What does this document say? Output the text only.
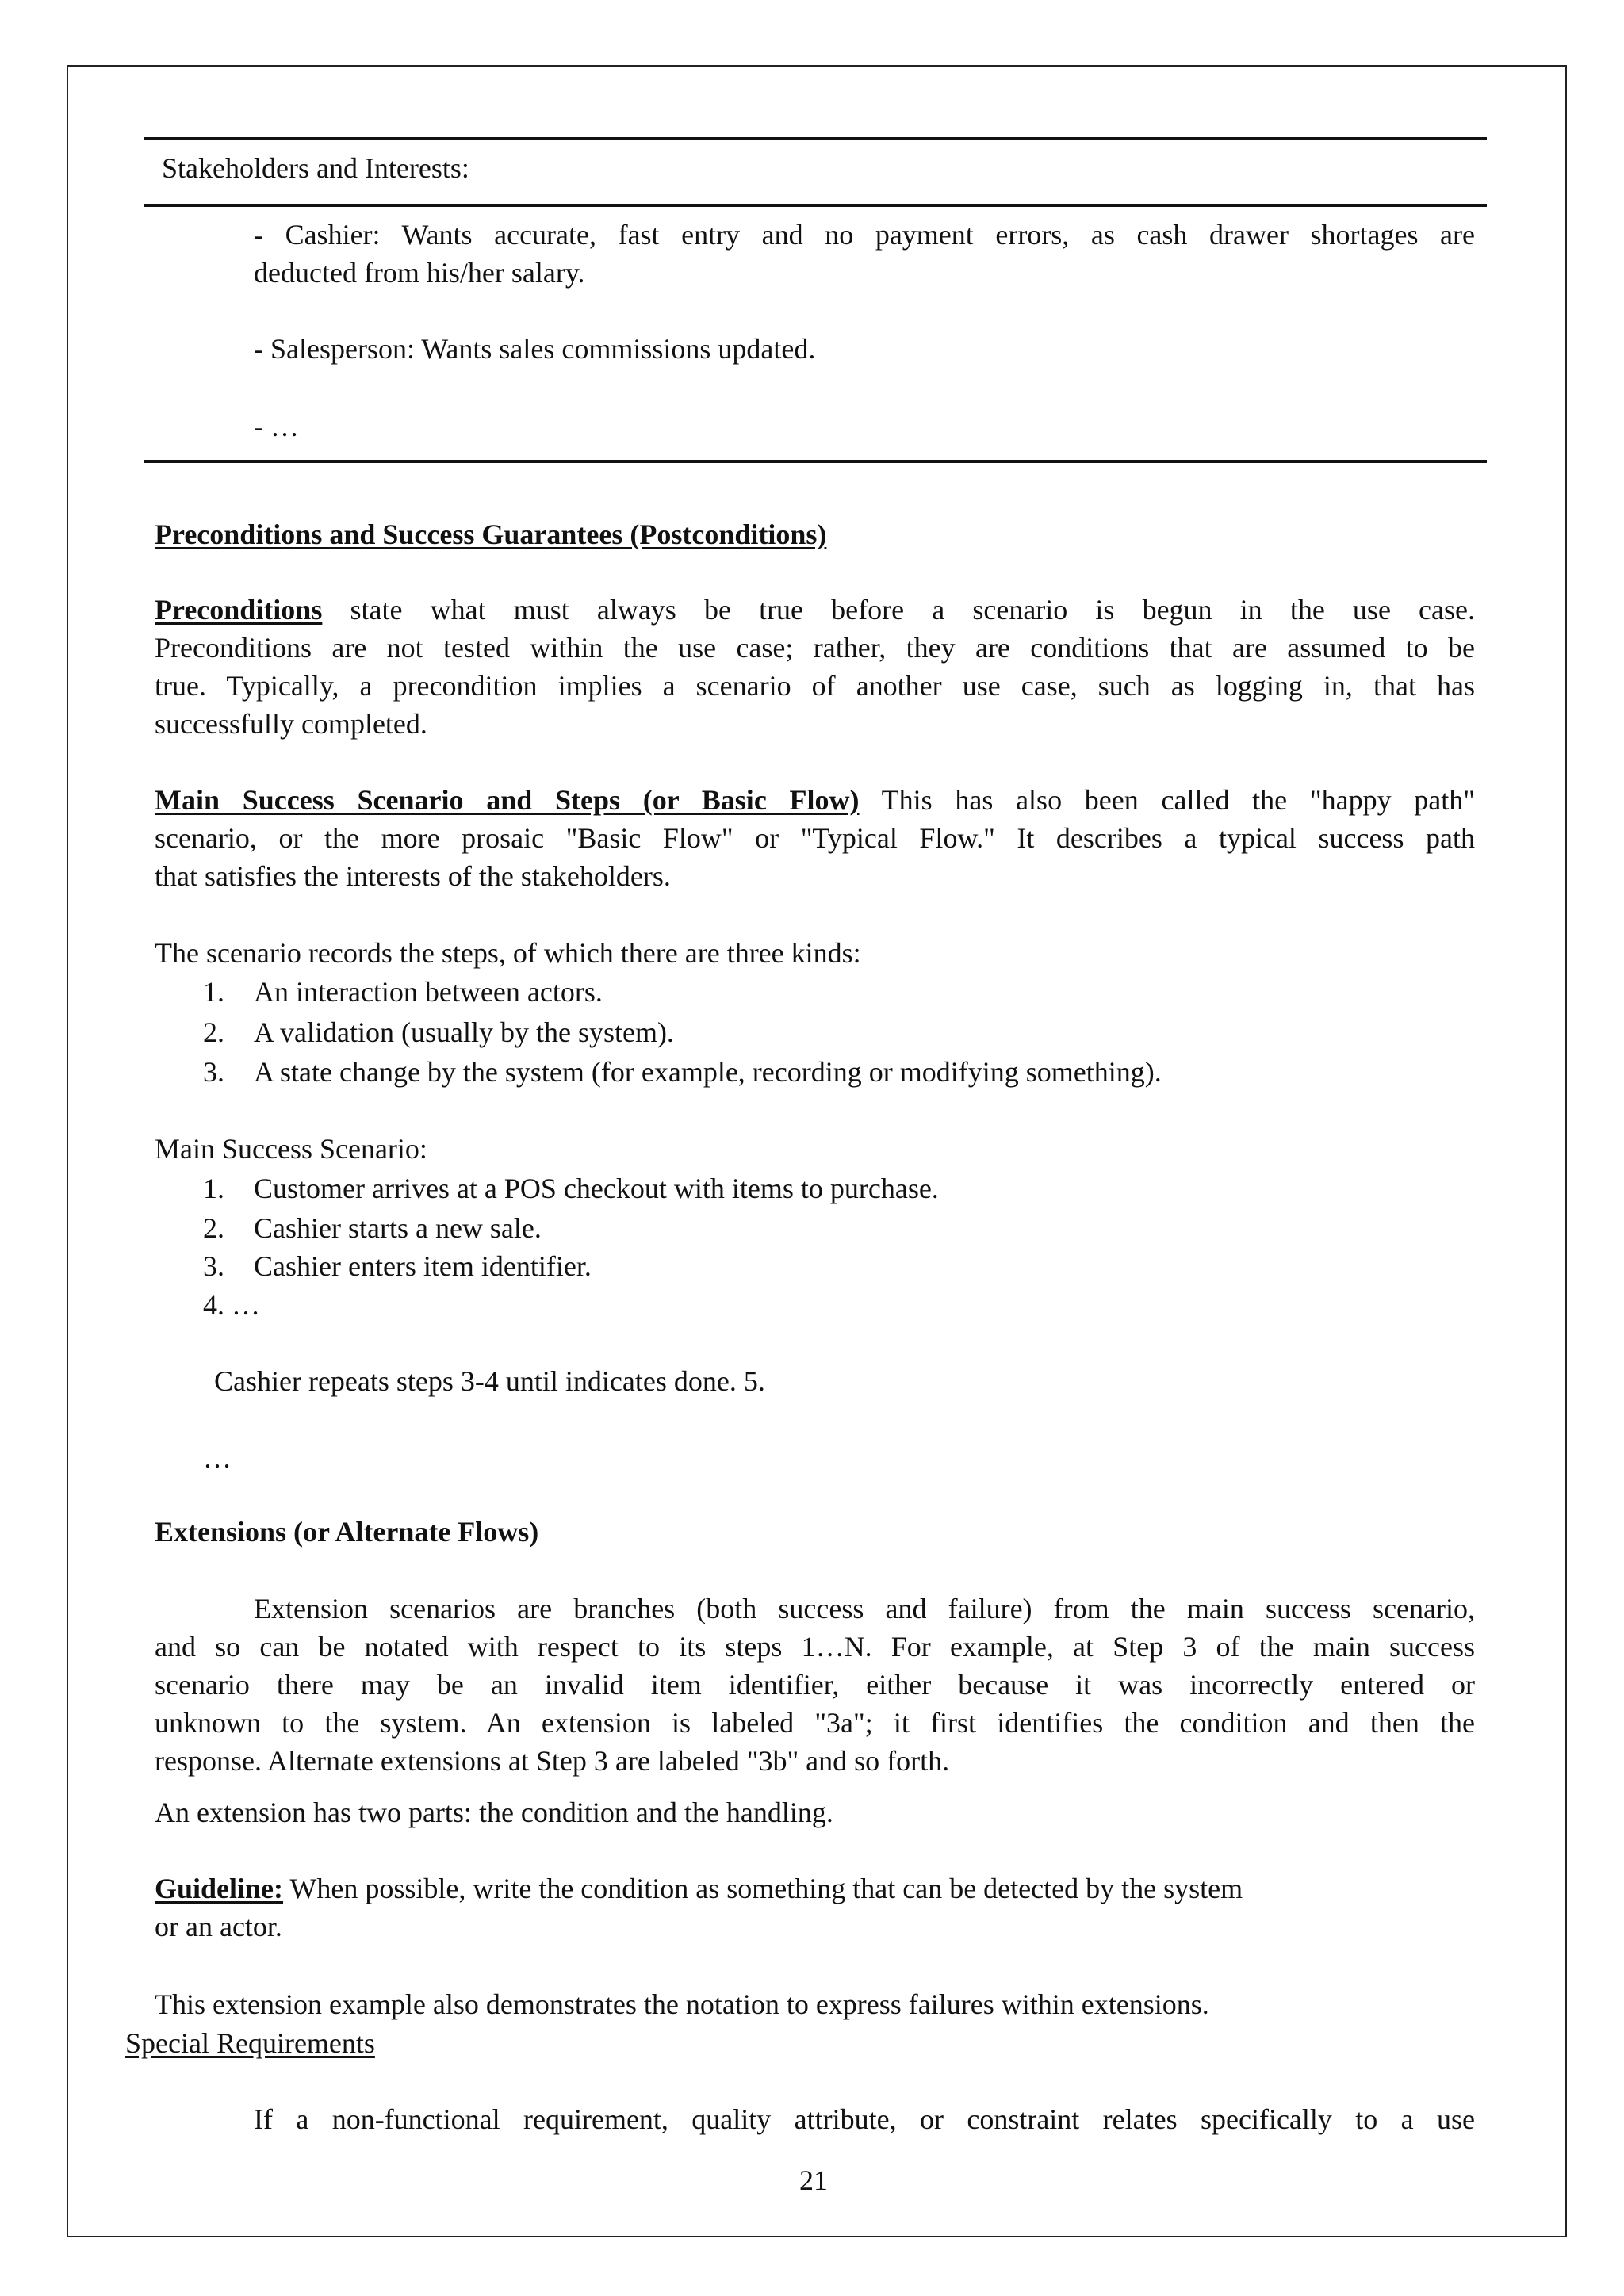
Stakeholders and Interests:
- Cashier: Wants accurate, fast entry and no payment errors, as cash drawer shortages are
deducted from his/her salary.
- Salesperson: Wants sales commissions updated.
- …
Preconditions and Success Guarantees (Postconditions)
Preconditions state what must always be true before a scenario is begun in the use case.
Preconditions are not tested within the use case; rather, they are conditions that are assumed to be
true. Typically, a precondition implies a scenario of another use case, such as logging in, that has
successfully completed.
Main Success Scenario and Steps (or Basic Flow) This has also been called the "happy path"
scenario, or the more prosaic "Basic Flow" or "Typical Flow." It describes a typical success path
that satisfies the interests of the stakeholders.
The scenario records the steps, of which there are three kinds:
1. An interaction between actors.
2. A validation (usually by the system).
3. A state change by the system (for example, recording or modifying something).
Main Success Scenario:
1. Customer arrives at a POS checkout with items to purchase.
2. Cashier starts a new sale.
3. Cashier enters item identifier.
4. …
Cashier repeats steps 3-4 until indicates done. 5.
…
Extensions (or Alternate Flows)
Extension scenarios are branches (both success and failure) from the main success scenario,
and so can be notated with respect to its steps 1…N. For example, at Step 3 of the main success
scenario there may be an invalid item identifier, either because it was incorrectly entered or
unknown to the system. An extension is labeled "3a"; it first identifies the condition and then the
response. Alternate extensions at Step 3 are labeled "3b" and so forth.
An extension has two parts: the condition and the handling.
Guideline: When possible, write the condition as something that can be detected by the system
or an actor.
This extension example also demonstrates the notation to express failures within extensions.
Special Requirements
If a non-functional requirement, quality attribute, or constraint relates specifically to a use
21
